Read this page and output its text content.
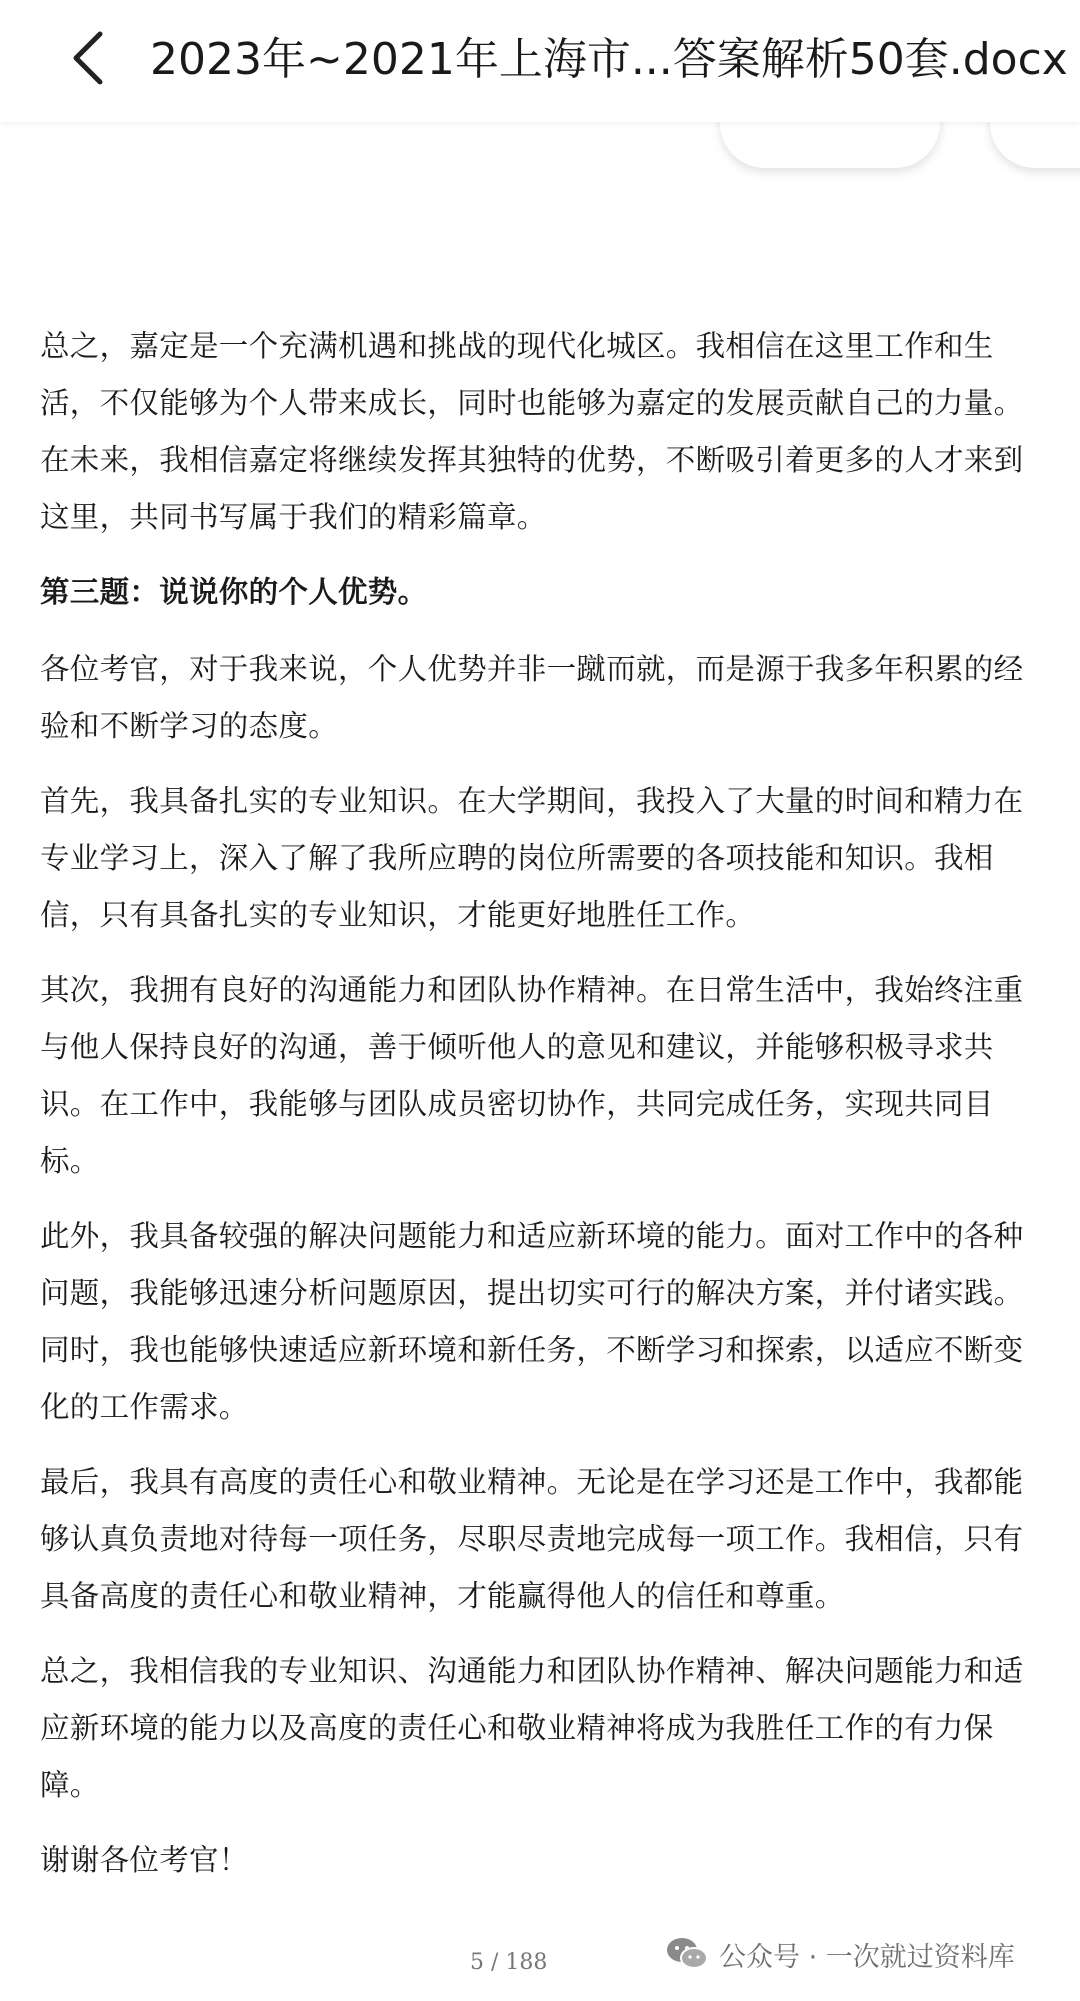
2023年~2021年上海市...答案解析50套.docx

总之，嘉定是一个充满机遇和挑战的现代化城区。我相信在这里工作和生活，不仅能够为个人带来成长，同时也能够为嘉定的发展贡献自己的力量。在未来，我相信嘉定将继续发挥其独特的优势，不断吸引着更多的人才来到这里，共同书写属于我们的精彩篇章。

第三题：说说你的个人优势。

各位考官，对于我来说，个人优势并非一蹴而就，而是源于我多年积累的经验和不断学习的态度。

首先，我具备扎实的专业知识。在大学期间，我投入了大量的时间和精力在专业学习上，深入了解了我所应聘的岗位所需要的各项技能和知识。我相信，只有具备扎实的专业知识，才能更好地胜任工作。

其次，我拥有良好的沟通能力和团队协作精神。在日常生活中，我始终注重与他人保持良好的沟通，善于倾听他人的意见和建议，并能够积极寻求共识。在工作中，我能够与团队成员密切协作，共同完成任务，实现共同目标。

此外，我具备较强的解决问题能力和适应新环境的能力。面对工作中的各种问题，我能够迅速分析问题原因，提出切实可行的解决方案，并付诸实践。同时，我也能够快速适应新环境和新任务，不断学习和探索，以适应不断变化的工作需求。

最后，我具有高度的责任心和敬业精神。无论是在学习还是工作中，我都能够认真负责地对待每一项任务，尽职尽责地完成每一项工作。我相信，只有具备高度的责任心和敬业精神，才能赢得他人的信任和尊重。

总之，我相信我的专业知识、沟通能力和团队协作精神、解决问题能力和适应新环境的能力以及高度的责任心和敬业精神将成为我胜任工作的有力保障。

谢谢各位考官！

5 / 188	公众号 · 一次就过资料库
